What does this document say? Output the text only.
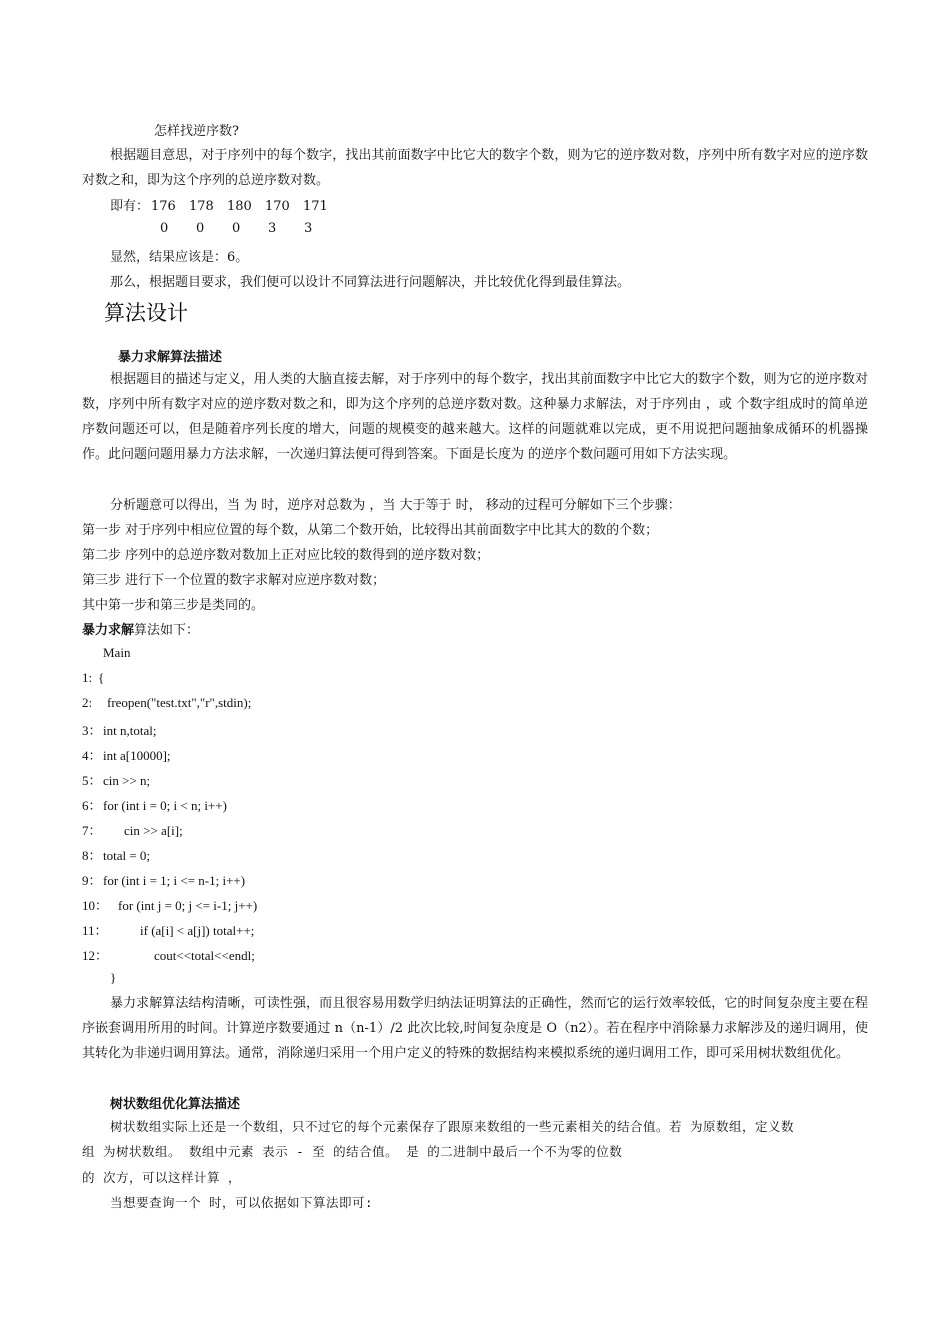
怎样找逆序数?
根据题目意思，对于序列中的每个数字，找出其前面数字中比它大的数字个数，则为它的逆序数对数，序列中所有数字对应的逆序数对数之和，即为这个序列的总逆序数对数。
即有： 176 178 180 170 171
0 0 0 3 3
显然，结果应该是：6。
那么，根据题目要求，我们便可以设计不同算法进行问题解决，并比较优化得到最佳算法。
算法设计
暴力求解算法描述
根据题目的描述与定义，用人类的大脑直接去解，对于序列中的每个数字，找出其前面数字中比它大的数字个数，则为它的逆序数对数，序列中所有数字对应的逆序数对数之和，即为这个序列的总逆序数对数。这种暴力求解法，对于序列由 ，或 个数字组成时的简单逆序数问题还可以，但是随着序列长度的增大，问题的规模变的越来越大。这样的问题就难以完成，更不用说把问题抽象成循环的机器操作。此问题问题用暴力方法求解，一次递归算法便可得到答案。下面是长度为 的逆序个数问题可用如下方法实现。
分析题意可以得出，当 为 时，逆序对总数为 ，当 大于等于 时， 移动的过程可分解如下三个步骤：
第一步 对于序列中相应位置的每个数，从第二个数开始，比较得出其前面数字中比其大的数的个数；
第二步 序列中的总逆序数对数加上正对应比较的数得到的逆序数对数；
第三步 进行下一个位置的数字求解对应逆序数对数；
其中第一步和第三步是类同的。
暴力求解算法如下：
Main
1: {
2: freopen("test.txt","r",stdin);
3：int n,total;
4：int a[10000];
5：cin >> n;
6：for (int i = 0; i < n; i++)
7： cin >> a[i];
8：total = 0;
9：for (int i = 1; i <= n-1; i++)
10： for (int j = 0; j <= i-1; j++)
11： if (a[i] < a[j]) total++;
12：	cout<<total<<endl;
}
暴力求解算法结构清晰，可读性强，而且很容易用数学归纳法证明算法的正确性，然而它的运行效率较低，它的时间复杂度主要在程序嵌套调用所用的时间。计算逆序数要通过 n（n-1）/2 此次比较,时间复杂度是 O（n2）。若在程序中消除暴力求解涉及的递归调用，使其转化为非递归调用算法。通常，消除递归采用一个用户定义的特殊的数据结构来模拟系统的递归调用工作，即可采用树状数组优化。
树状数组优化算法描述
树状数组实际上还是一个数组，只不过它的每个元素保存了跟原来数组的一些元素相关的结合值。若 为原数组，定义数
组 为树状数组。 数组中元素 表示 - 至 的结合值。 是 的二进制中最后一个不为零的位数
的 次方，可以这样计算 ，
当想要查询一个 时，可以依据如下算法即可:
